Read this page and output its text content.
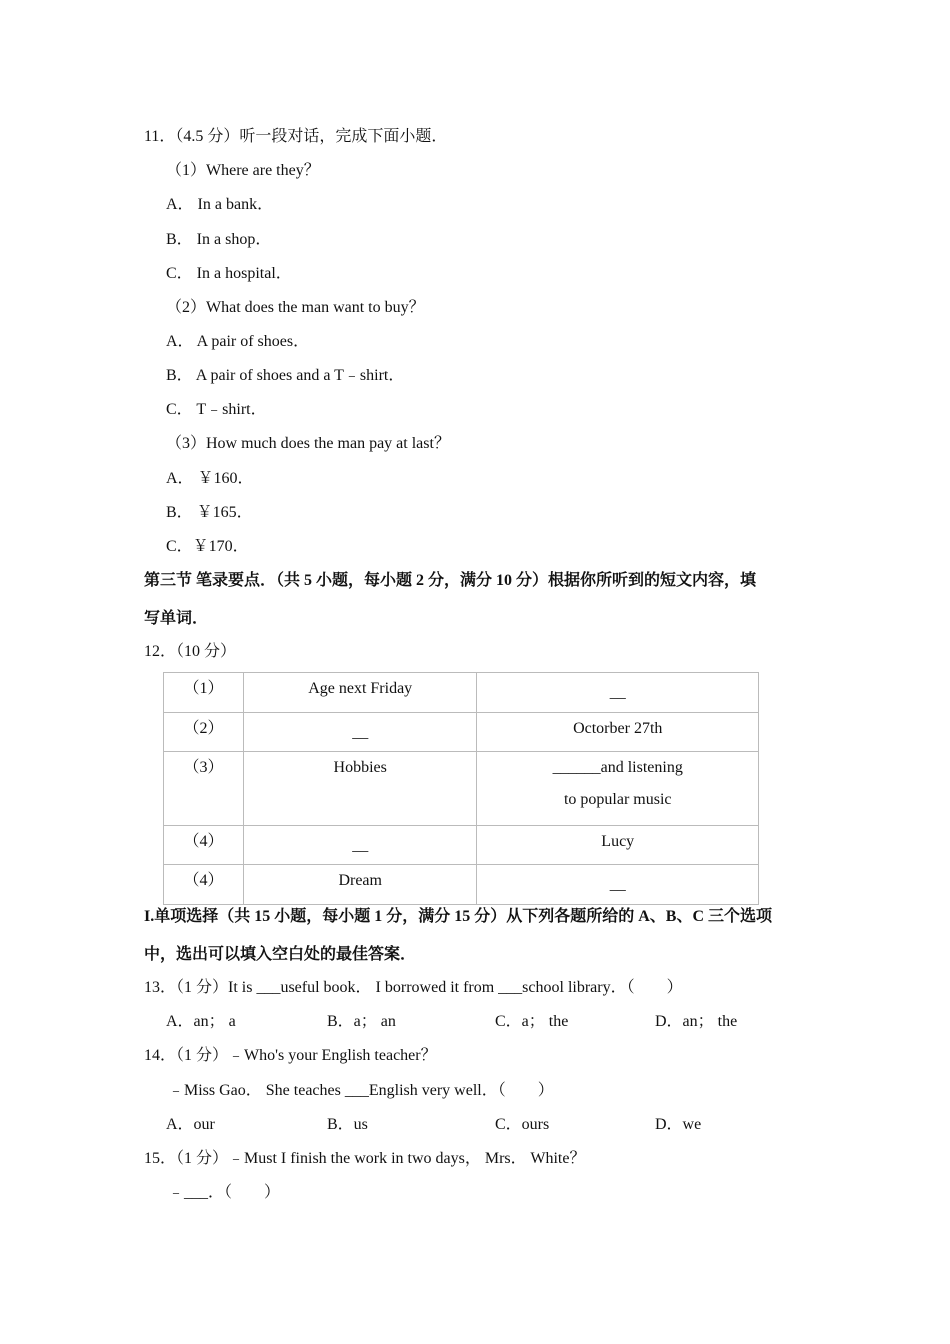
11．（4.5 分）听一段对话，完成下面小题．
（1）Where are they？
A． In a bank．
B． In a shop．
C． In a hospital．
（2）What does the man want to buy？
A． A pair of shoes．
B． A pair of shoes and a T﹣shirt．
C． T﹣shirt．
（3）How much does the man pay at last？
A． ￥160．
B． ￥165．
C．￥170．
第三节 笔录要点．（共 5 小题，每小题 2 分，满分 10 分）根据你所听到的短文内容，填
写单词．
12．（10 分）
（1）	Age next Friday	__
（2）	__	Octorber 27th
（3）	Hobbies	______and listening
to popular music

（4）	__	Lucy
（4）	Dream	__
I.单项选择（共 15 小题，每小题 1 分，满分 15 分）从下列各题所给的 A、B、C 三个选项
中，选出可以填入空白处的最佳答案．
13．（1 分）It is ___useful book． I borrowed it from ___school library．（　　）
A．an； a	B．a； an	C．a； the	D．an； the
14．（1 分）﹣Who's your English teacher？
﹣Miss Gao． She teaches ___English very well．（　　）
A．our	B．us	C．ours	D．we
15．（1 分）﹣Must I finish the work in two days， Mrs． White？
﹣___．（　　）
